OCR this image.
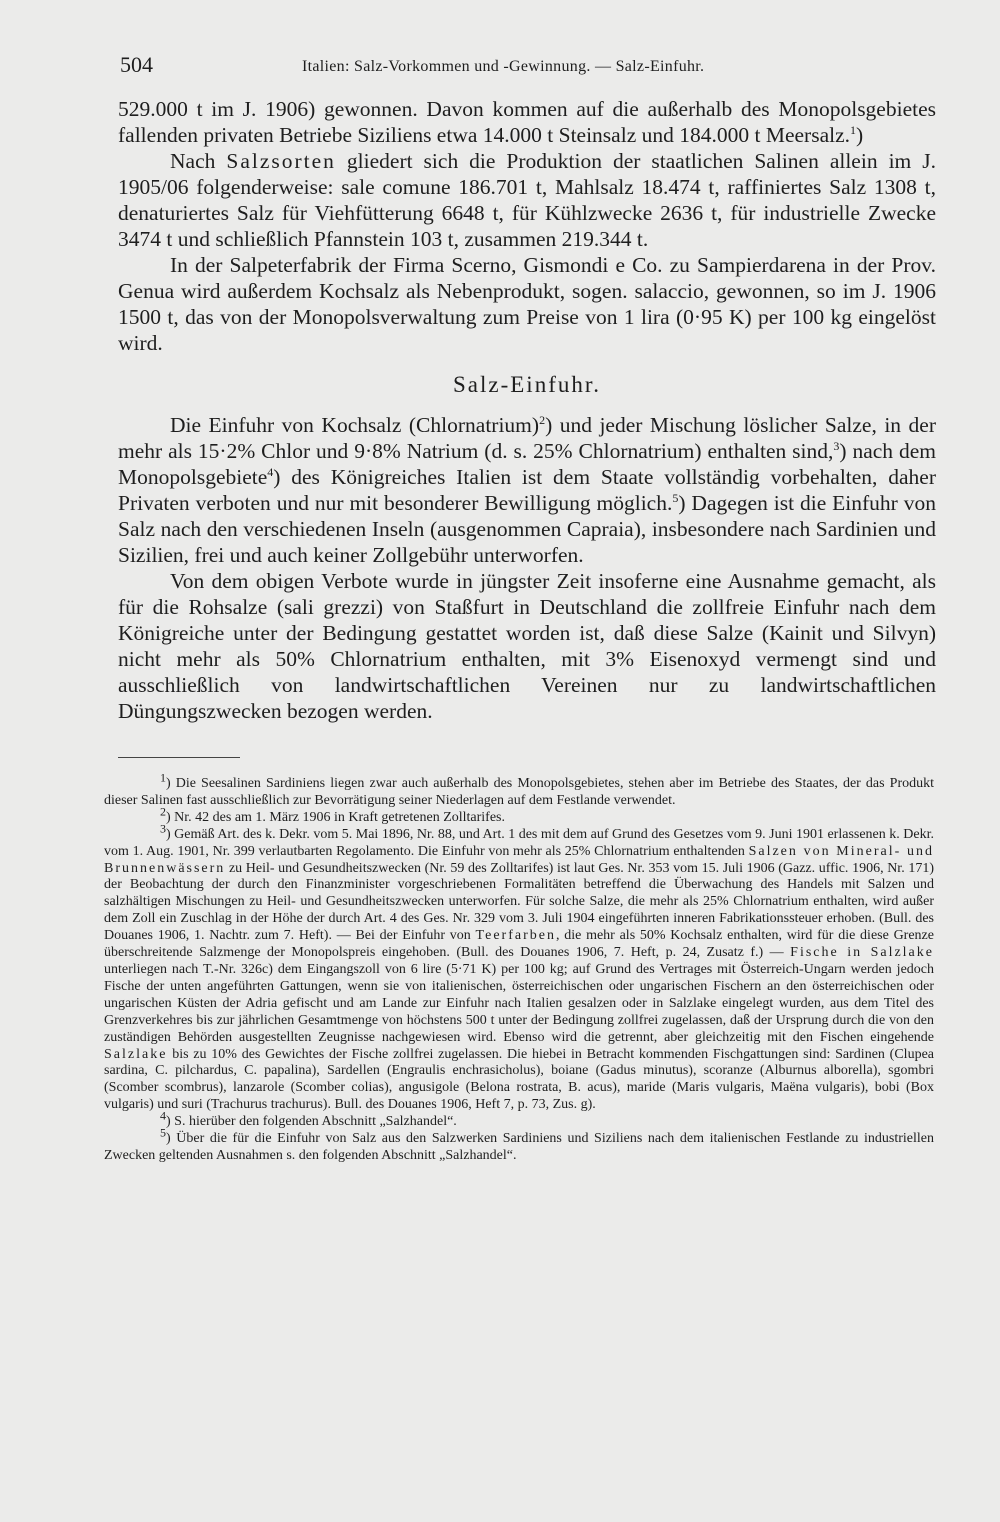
504	Italien: Salz-Vorkommen und -Gewinnung. — Salz-Einfuhr.

529.000 t im J. 1906) gewonnen. Davon kommen auf die außerhalb des Monopolsgebietes fallenden privaten Betriebe Siziliens etwa 14.000 t Steinsalz und 184.000 t Meersalz.$^1$)

Nach Salzsorten gliedert sich die Produktion der staatlichen Salinen allein im J. 1905/06 folgenderweise: sale comune 186.701 t, Mahlsalz 18.474 t, raffiniertes Salz 1308 t, denaturiertes Salz für Viehfütterung 6648 t, für Kühlzwecke 2636 t, für industrielle Zwecke 3474 t und schließlich Pfannstein 103 t, zusammen 219.344 t.

In der Salpeterfabrik der Firma Scerno, Gismondi e Co. zu Sampierdarena in der Prov. Genua wird außerdem Kochsalz als Nebenprodukt, sogen. salaccio, gewonnen, so im J. 1906 1500 t, das von der Monopolsverwaltung zum Preise von 1 lira (0·95 K) per 100 kg eingelöst wird.

Salz-Einfuhr.

Die Einfuhr von Kochsalz (Chlornatrium)$^2$) und jeder Mischung löslicher Salze, in der mehr als 15·2% Chlor und 9·8% Natrium (d. s. 25% Chlornatrium) enthalten sind,$^3$) nach dem Monopolsgebiete$^4$) des Königreiches Italien ist dem Staate vollständig vorbehalten, daher Privaten verboten und nur mit besonderer Bewilligung möglich.$^5$) Dagegen ist die Einfuhr von Salz nach den verschiedenen Inseln (ausgenommen Capraia), insbesondere nach Sardinien und Sizilien, frei und auch keiner Zollgebühr unterworfen.

Von dem obigen Verbote wurde in jüngster Zeit insoferne eine Ausnahme gemacht, als für die Rohsalze (sali grezzi) von Staßfurt in Deutschland die zollfreie Einfuhr nach dem Königreiche unter der Bedingung gestattet worden ist, daß diese Salze (Kainit und Silvyn) nicht mehr als 50% Chlornatrium enthalten, mit 3% Eisenoxyd vermengt sind und ausschließlich von landwirtschaftlichen Vereinen nur zu landwirtschaftlichen Düngungszwecken bezogen werden.

$^1$) Die Seesalinen Sardiniens liegen zwar auch außerhalb des Monopolsgebietes, stehen aber im Betriebe des Staates, der das Produkt dieser Salinen fast ausschließlich zur Bevorrätigung seiner Niederlagen auf dem Festlande verwendet.

$^2$) Nr. 42 des am 1. März 1906 in Kraft getretenen Zolltarifes.

$^3$) Gemäß Art. des k. Dekr. vom 5. Mai 1896, Nr. 88, und Art. 1 des mit dem auf Grund des Gesetzes vom 9. Juni 1901 erlassenen k. Dekr. vom 1. Aug. 1901, Nr. 399 verlautbarten Regolamento. Die Einfuhr von mehr als 25% Chlornatrium enthaltenden Salzen von Mineral- und Brunnenwässern zu Heil- und Gesundheitszwecken (Nr. 59 des Zolltarifes) ist laut Ges. Nr. 353 vom 15. Juli 1906 (Gazz. uffic. 1906, Nr. 171) der Beobachtung der durch den Finanzminister vorgeschriebenen Formalitäten betreffend die Überwachung des Handels mit Salzen und salzhältigen Mischungen zu Heil- und Gesundheitszwecken unterworfen. Für solche Salze, die mehr als 25% Chlornatrium enthalten, wird außer dem Zoll ein Zuschlag in der Höhe der durch Art. 4 des Ges. Nr. 329 vom 3. Juli 1904 eingeführten inneren Fabrikationssteuer erhoben. (Bull. des Douanes 1906, 1. Nachtr. zum 7. Heft). — Bei der Einfuhr von Teerfarben, die mehr als 50% Kochsalz enthalten, wird für die diese Grenze überschreitende Salzmenge der Monopolspreis eingehoben. (Bull. des Douanes 1906, 7. Heft, p. 24, Zusatz f.) — Fische in Salzlake unterliegen nach T.-Nr. 326c) dem Eingangszoll von 6 lire (5·71 K) per 100 kg; auf Grund des Vertrages mit Österreich-Ungarn werden jedoch Fische der unten angeführten Gattungen, wenn sie von italienischen, österreichischen oder ungarischen Fischern an den österreichischen oder ungarischen Küsten der Adria gefischt und am Lande zur Einfuhr nach Italien gesalzen oder in Salzlake eingelegt wurden, aus dem Titel des Grenzverkehres bis zur jährlichen Gesamtmenge von höchstens 500 t unter der Bedingung zollfrei zugelassen, daß der Ursprung durch die von den zuständigen Behörden ausgestellten Zeugnisse nachgewiesen wird. Ebenso wird die getrennt, aber gleichzeitig mit den Fischen eingehende Salzlake bis zu 10% des Gewichtes der Fische zollfrei zugelassen. Die hiebei in Betracht kommenden Fischgattungen sind: Sardinen (Clupea sardina, C. pilchardus, C. papalina), Sardellen (Engraulis enchrasicholus), boiane (Gadus minutus), scoranze (Alburnus alborella), sgombri (Scomber scombrus), lanzarole (Scomber colias), angusigole (Belona rostrata, B. acus), maride (Maris vulgaris, Maëna vulgaris), bobi (Box vulgaris) und suri (Trachurus trachurus). Bull. des Douanes 1906, Heft 7, p. 73, Zus. g).

$^4$) S. hierüber den folgenden Abschnitt „Salzhandel“.

$^5$) Über die für die Einfuhr von Salz aus den Salzwerken Sardiniens und Siziliens nach dem italienischen Festlande zu industriellen Zwecken geltenden Ausnahmen s. den folgenden Abschnitt „Salzhandel“.
